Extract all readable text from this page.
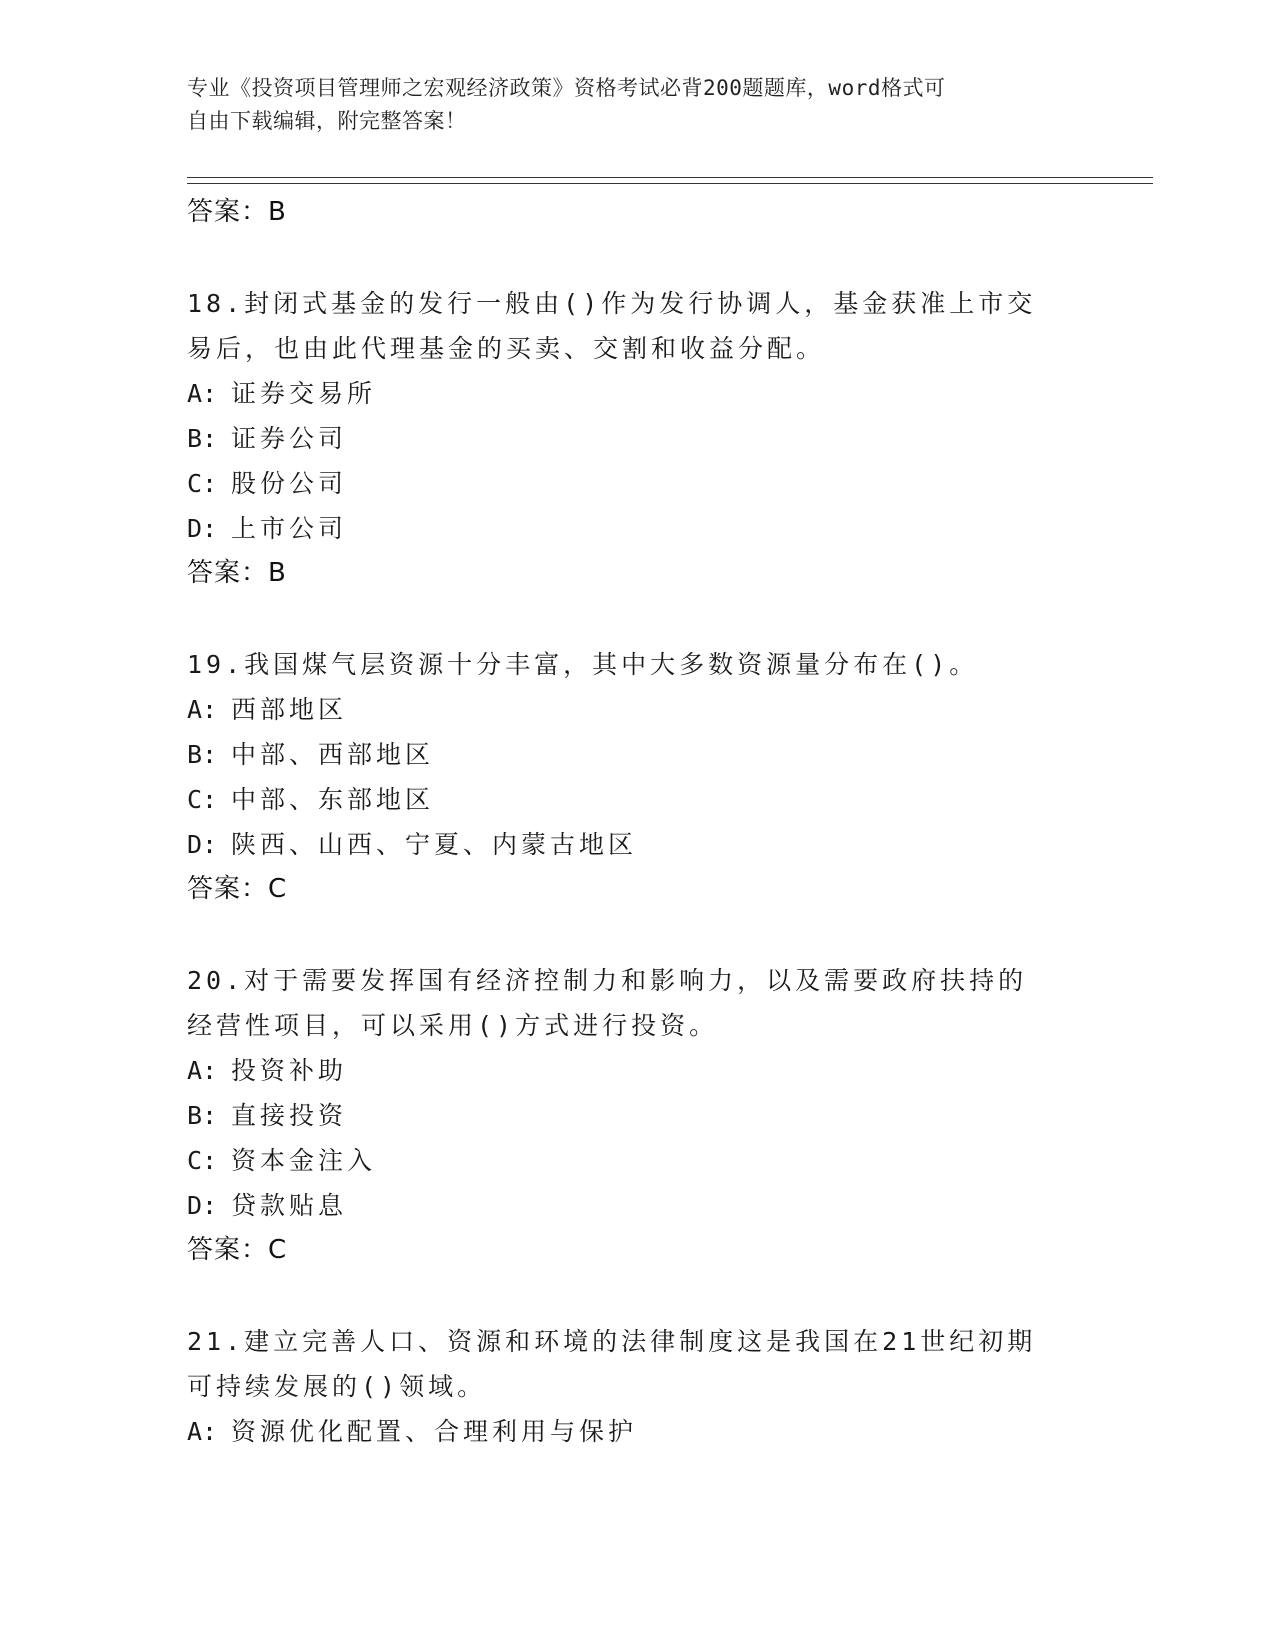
专业《投资项目管理师之宏观经济政策》资格考试必背200题题库，word格式可
自由下载编辑，附完整答案！
答案：B
18.封闭式基金的发行一般由()作为发行协调人，基金获准上市交易后，也由此代理基金的买卖、交割和收益分配。
A: 证券交易所
B: 证券公司
C: 股份公司
D: 上市公司
答案：B
19.我国煤气层资源十分丰富，其中大多数资源量分布在()。
A: 西部地区
B: 中部、西部地区
C: 中部、东部地区
D: 陕西、山西、宁夏、内蒙古地区
答案：C
20.对于需要发挥国有经济控制力和影响力，以及需要政府扶持的经营性项目，可以采用()方式进行投资。
A: 投资补助
B: 直接投资
C: 资本金注入
D: 贷款贴息
答案：C
21.建立完善人口、资源和环境的法律制度这是我国在21世纪初期可持续发展的()领域。
A: 资源优化配置、合理利用与保护
